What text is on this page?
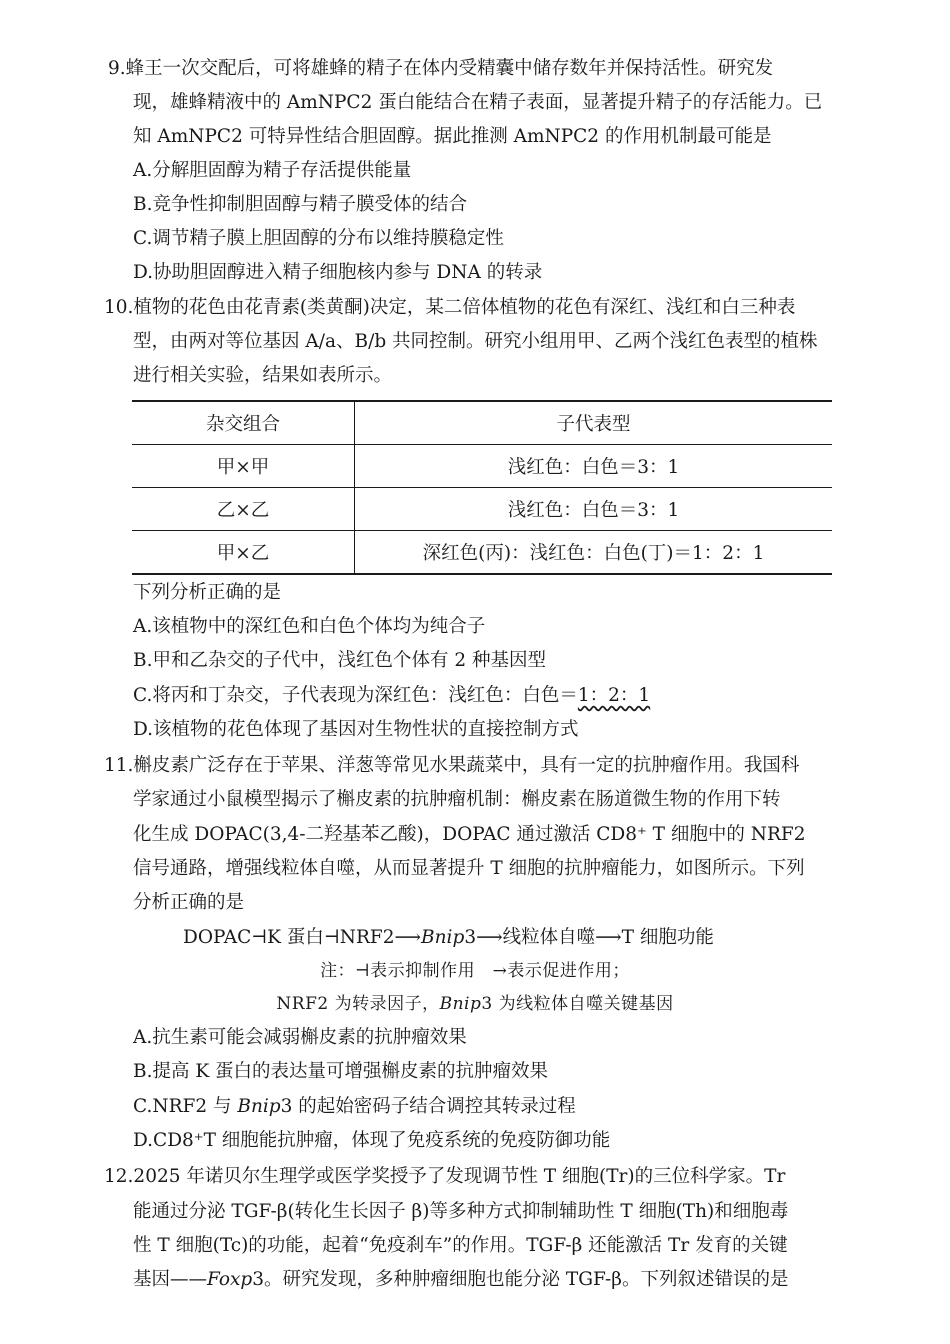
9.蜂王一次交配后，可将雄蜂的精子在体内受精囊中储存数年并保持活性。研究发
现，雄蜂精液中的 AmNPC2 蛋白能结合在精子表面，显著提升精子的存活能力。已
知 AmNPC2 可特异性结合胆固醇。据此推测 AmNPC2 的作用机制最可能是
A.分解胆固醇为精子存活提供能量
B.竞争性抑制胆固醇与精子膜受体的结合
C.调节精子膜上胆固醇的分布以维持膜稳定性
D.协助胆固醇进入精子细胞核内参与 DNA 的转录
10.植物的花色由花青素(类黄酮)决定，某二倍体植物的花色有深红、浅红和白三种表
型，由两对等位基因 A/a、B/b 共同控制。研究小组用甲、乙两个浅红色表型的植株
进行相关实验，结果如表所示。
杂交组合	子代表型
甲×甲	浅红色：白色＝3：1
乙×乙	浅红色：白色＝3：1
甲×乙	深红色(丙)：浅红色：白色(丁)＝1：2：1
下列分析正确的是
A.该植物中的深红色和白色个体均为纯合子
B.甲和乙杂交的子代中，浅红色个体有 2 种基因型
C.将丙和丁杂交，子代表现为深红色：浅红色：白色＝1：2：1
D.该植物的花色体现了基因对生物性状的直接控制方式
11.槲皮素广泛存在于苹果、洋葱等常见水果蔬菜中，具有一定的抗肿瘤作用。我国科
学家通过小鼠模型揭示了槲皮素的抗肿瘤机制：槲皮素在肠道微生物的作用下转
化生成 DOPAC(3,4-二羟基苯乙酸)，DOPAC 通过激活 CD8⁺ T 细胞中的 NRF2
信号通路，增强线粒体自噬，从而显著提升 T 细胞的抗肿瘤能力，如图所示。下列
分析正确的是
DOPAC⊣K 蛋白⊣NRF2⟶Bnip3⟶线粒体自噬⟶T 细胞功能
注：⊣表示抑制作用　→表示促进作用；
NRF2 为转录因子，Bnip3 为线粒体自噬关键基因
A.抗生素可能会减弱槲皮素的抗肿瘤效果
B.提高 K 蛋白的表达量可增强槲皮素的抗肿瘤效果
C.NRF2 与 Bnip3 的起始密码子结合调控其转录过程
D.CD8⁺T 细胞能抗肿瘤，体现了免疫系统的免疫防御功能
12.2025 年诺贝尔生理学或医学奖授予了发现调节性 T 细胞(Tr)的三位科学家。Tr
能通过分泌 TGF-β(转化生长因子 β)等多种方式抑制辅助性 T 细胞(Th)和细胞毒
性 T 细胞(Tc)的功能，起着“免疫刹车”的作用。TGF-β 还能激活 Tr 发育的关键
基因——Foxp3。研究发现，多种肿瘤细胞也能分泌 TGF-β。下列叙述错误的是
